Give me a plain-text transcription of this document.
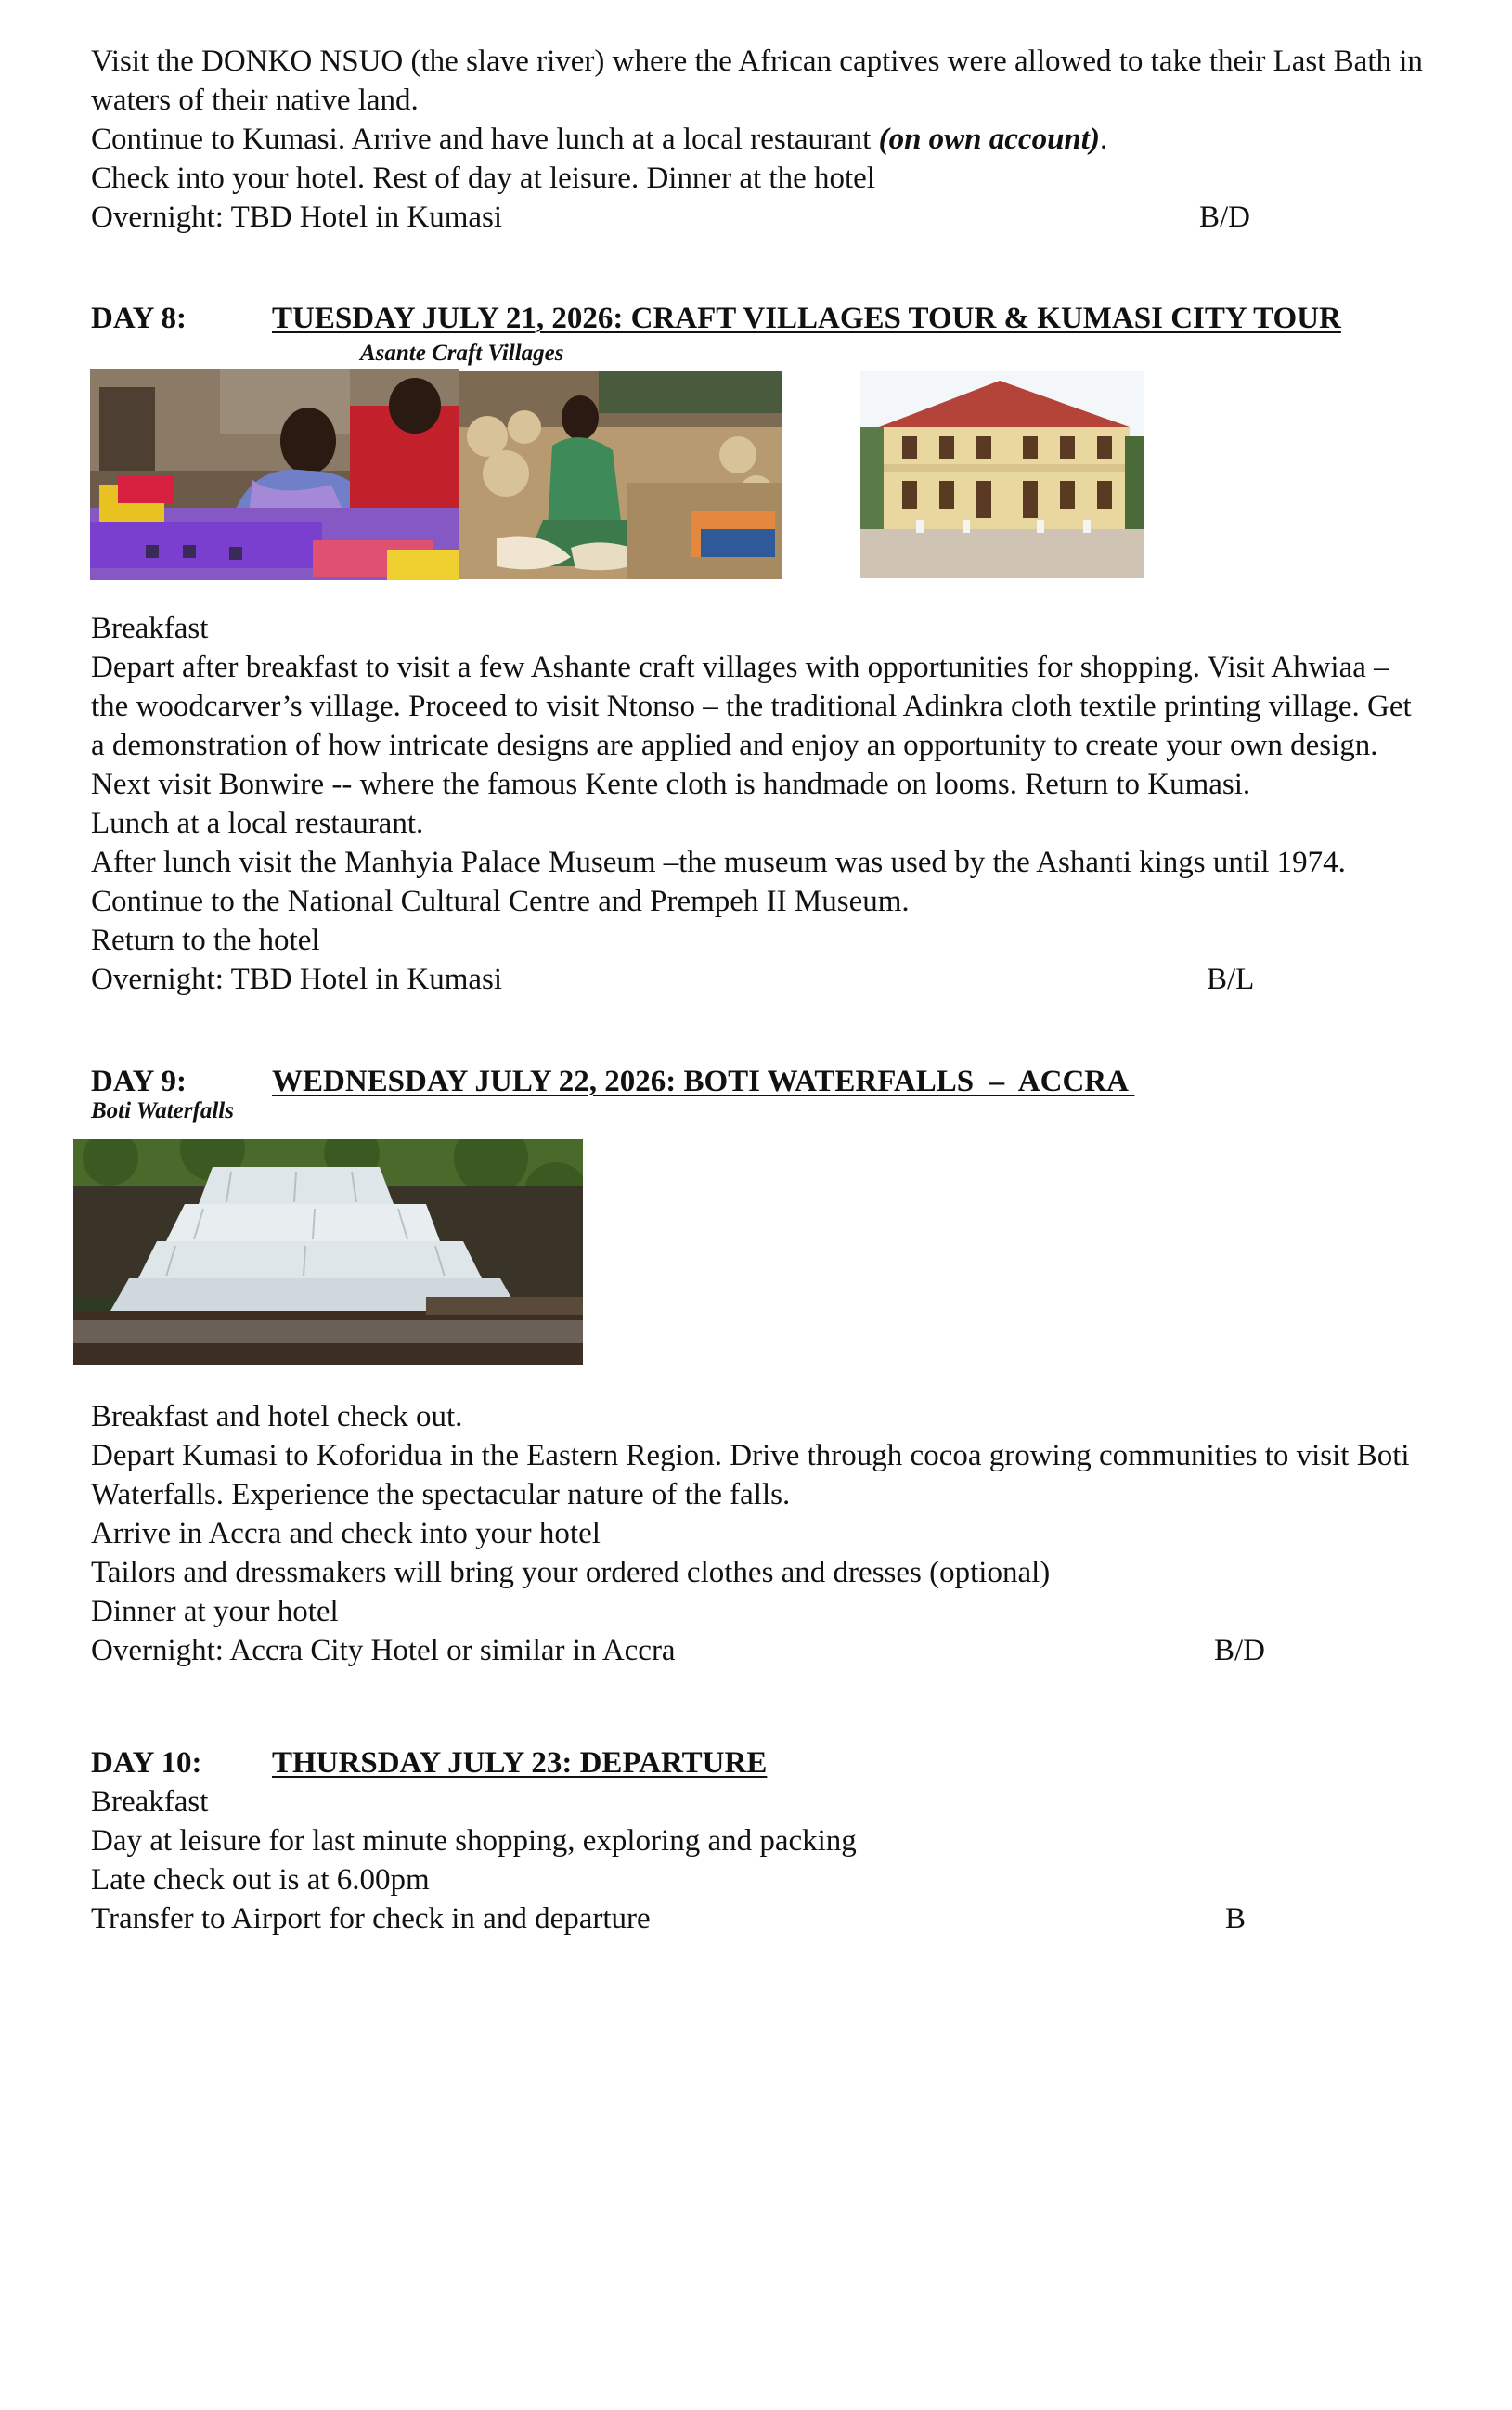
Visit the DONKO NSUO (the slave river) where the African captives were allowed to take their Last Bath in
waters of their native land.
Continue to Kumasi. Arrive and have lunch at a local restaurant (on own account).
Check into your hotel. Rest of day at leisure. Dinner at the hotel
Overnight: TBD Hotel in Kumasi	B/D
DAY 8:	TUESDAY JULY 21, 2026: CRAFT VILLAGES TOUR & KUMASI CITY TOUR
Asante Craft Villages
Breakfast
Depart after breakfast to visit a few Ashante craft villages with opportunities for shopping. Visit Ahwiaa –
the woodcarver’s village. Proceed to visit Ntonso – the traditional Adinkra cloth textile printing village. Get
a demonstration of how intricate designs are applied and enjoy an opportunity to create your own design.
Next visit Bonwire -- where the famous Kente cloth is handmade on looms. Return to Kumasi.
Lunch at a local restaurant.
After lunch visit the Manhyia Palace Museum –the museum was used by the Ashanti kings until 1974.
Continue to the National Cultural Centre and Prempeh II Museum.
Return to the hotel
Overnight: TBD Hotel in Kumasi	B/L
DAY 9:	WEDNESDAY JULY 22, 2026: BOTI WATERFALLS  –  ACCRA
Boti Waterfalls
Breakfast and hotel check out.
Depart Kumasi to Koforidua in the Eastern Region. Drive through cocoa growing communities to visit Boti
Waterfalls. Experience the spectacular nature of the falls.
Arrive in Accra and check into your hotel
Tailors and dressmakers will bring your ordered clothes and dresses (optional)
Dinner at your hotel
Overnight: Accra City Hotel or similar in Accra	B/D
DAY 10: THURSDAY JULY 23: DEPARTURE
Breakfast
Day at leisure for last minute shopping, exploring and packing
Late check out is at 6.00pm
Transfer to Airport for check in and departure	B
